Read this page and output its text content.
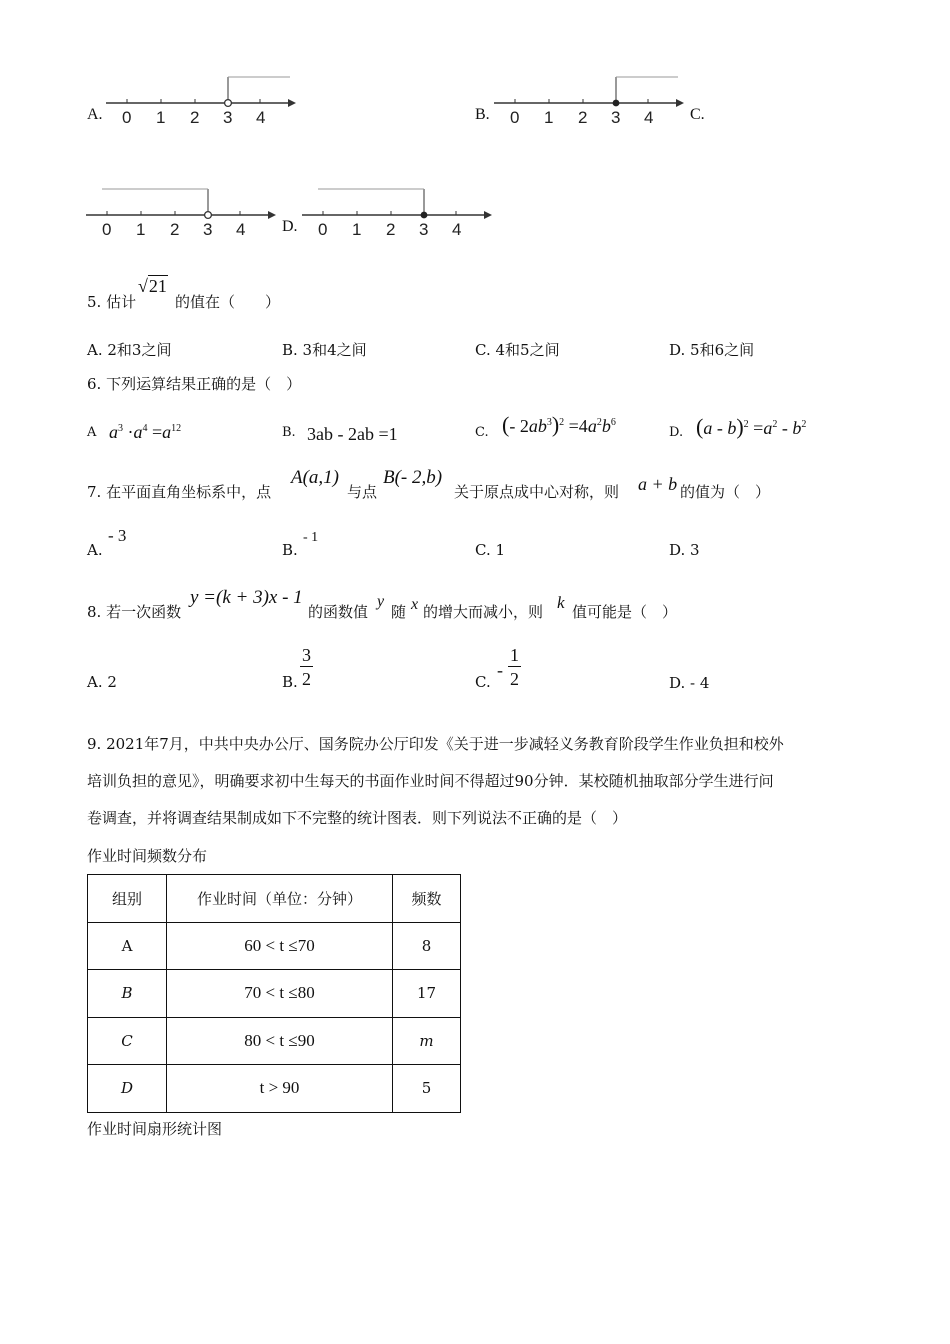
A. 0 1 2 3 4	B. 0 1 2 3 4 C.
0 1 2 3 4 D. 0 1 2 3 4
5. 估计
√21
的值在（　　）
A. 2和3之间	B. 3和4之间	C. 4和5之间	D. 5和6之间
6. 下列运算结果正确的是（　）
A $a^3 \cdot a^4 =a^{12}$	B. 3ab - 2ab =1	C. (- $2ab^3)^2 =4a^2b^6$
D. $(a - b)^2 =a^2 - b^2$
7. 在平面直角坐标系中，点
A(a,1)
与点
B(- 2,b)
关于原点成中心对称，则 a + b 的值为（　）
A.
- 3
B.
- 1
C. 1	D. 3
8. 若一次函数
y =(k + 3)x - 1
的函数值
y
随 x 的增大而减小，则 k 值可能是（　）
A. 2	B. $\frac{3}{2}$	C.
- $\frac{1}{2}$	D. - 4
9. 2021年7月，中共中央办公厅、国务院办公厅印发《关于进一步减轻义务教育阶段学生作业负担和校外
培训负担的意见》，明确要求初中生每天的书面作业时间不得超过90分钟．某校随机抽取部分学生进行问
卷调查，并将调查结果制成如下不完整的统计图表．则下列说法不正确的是（　）
作业时间频数分布
组别	作业时间（单位：分钟）	频数
A	60 < t ≤70	8
B	70 < t ≤80	17
C	80 < t ≤90	m
D	t > 90	5
作业时间扇形统计图
